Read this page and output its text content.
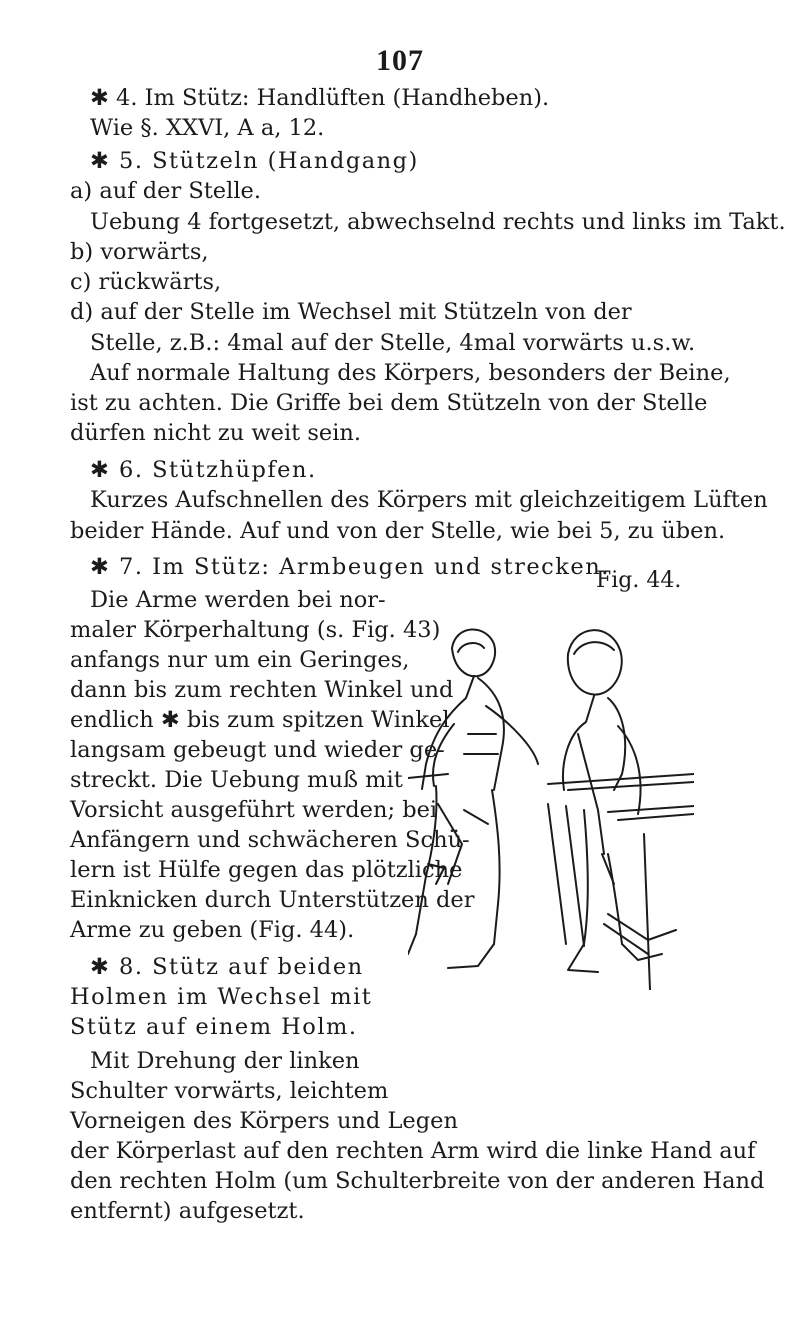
107
✱ 4. Im Stütz: Handlüften (Handheben).
Wie §. XXVI, A a, 12.
✱ 5. Stützeln (Handgang)
a) auf der Stelle.
Uebung 4 fortgesetzt, abwechselnd rechts und links im Takt.
b) vorwärts,
c) rückwärts,
d) auf der Stelle im Wechsel mit Stützeln von der
Stelle, z.B.: 4mal auf der Stelle, 4mal vorwärts u.s.w.
Auf normale Haltung des Körpers, besonders der Beine,
ist zu achten. Die Griffe bei dem Stützeln von der Stelle
dürfen nicht zu weit sein.
✱ 6. Stützhüpfen.
Kurzes Aufschnellen des Körpers mit gleichzeitigem Lüften
beider Hände. Auf und von der Stelle, wie bei 5, zu üben.
✱ 7. Im Stütz: Armbeugen und strecken.
Die Arme werden bei nor-
maler Körperhaltung (s. Fig. 43)
anfangs nur um ein Geringes,
dann bis zum rechten Winkel und
endlich ✱ bis zum spitzen Winkel
langsam gebeugt und wieder ge-
streckt. Die Uebung muß mit
Vorsicht ausgeführt werden; bei
Anfängern und schwächeren Schü-
lern ist Hülfe gegen das plötzliche
Einknicken durch Unterstützen der
Arme zu geben (Fig. 44).
✱ 8. Stütz auf beiden
Holmen im Wechsel mit
Stütz auf einem Holm.
Mit Drehung der linken
Schulter vorwärts, leichtem
Vorneigen des Körpers und Legen
der Körperlast auf den rechten Arm wird die linke Hand auf
den rechten Holm (um Schulterbreite von der anderen Hand
entfernt) aufgesetzt.
Fig. 44.
